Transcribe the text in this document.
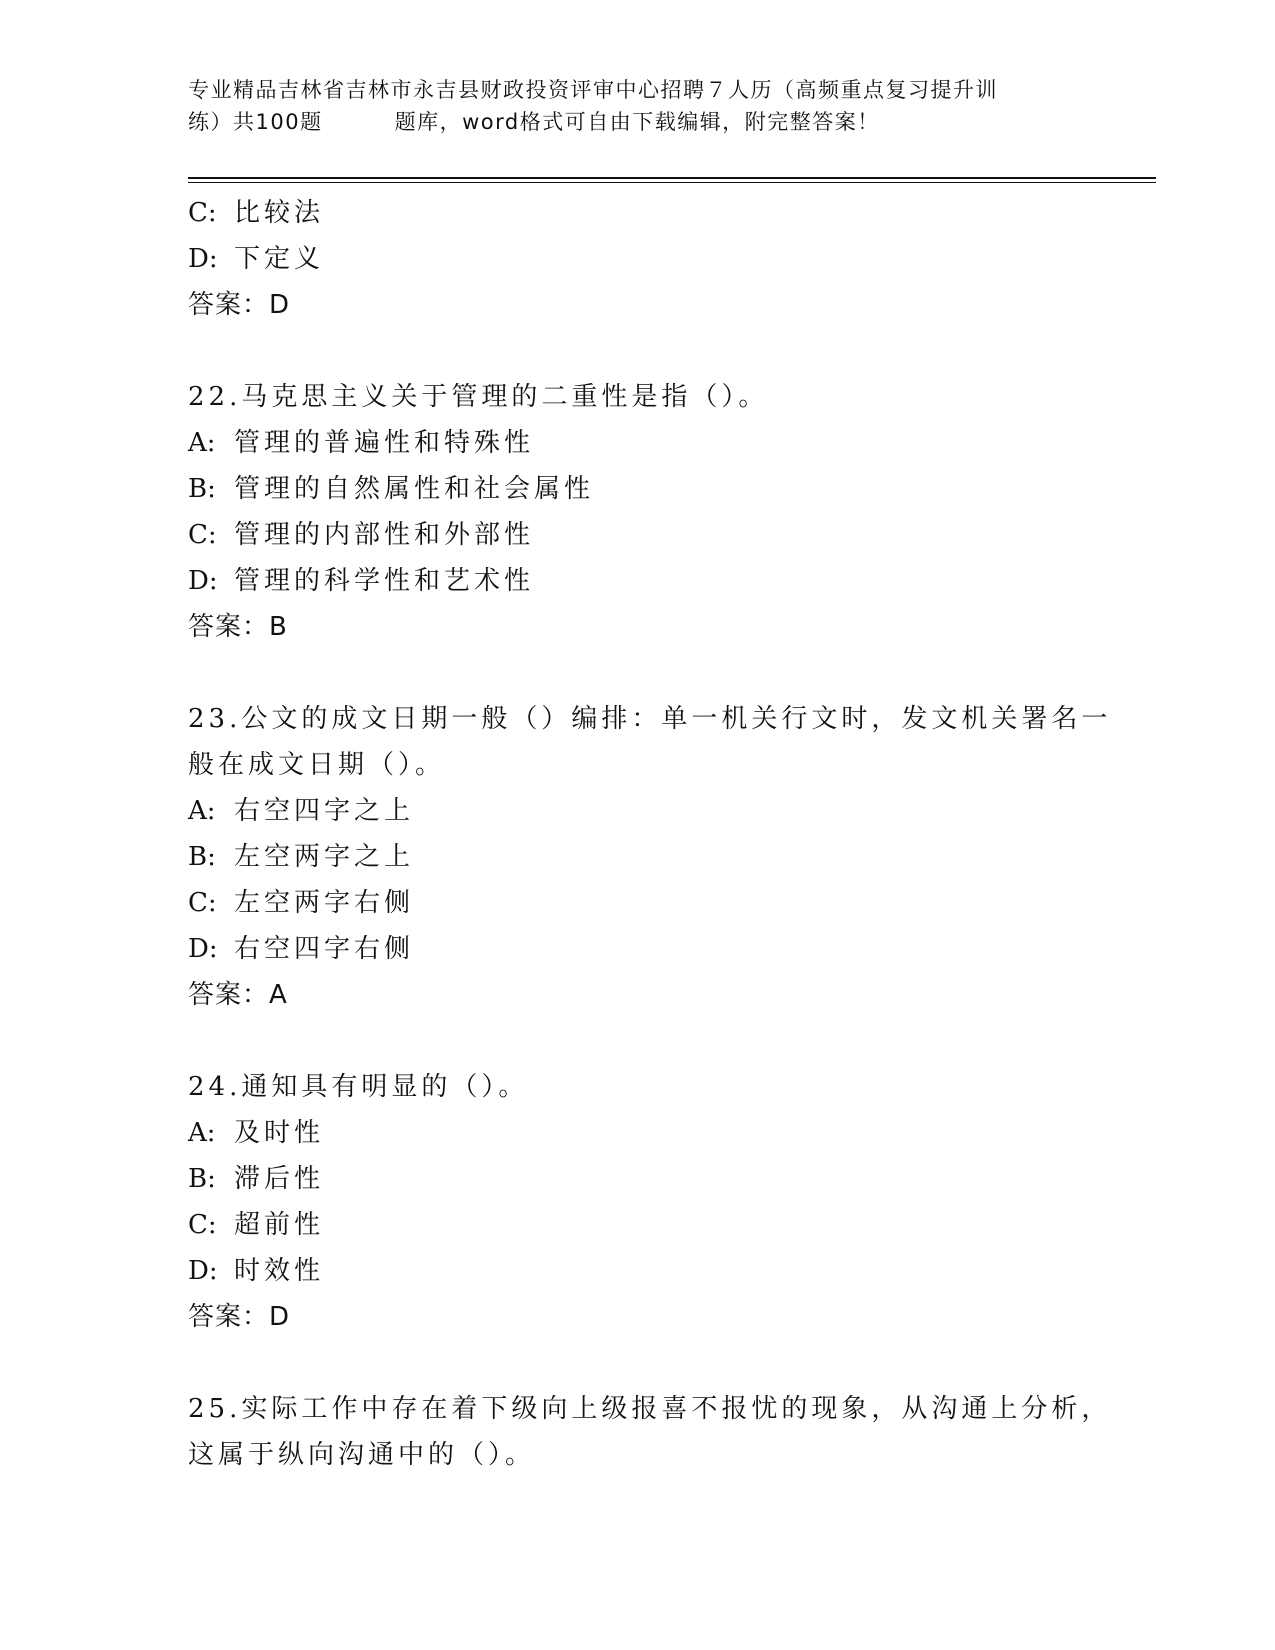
专业精品吉林省吉林市永吉县财政投资评审中心招聘７人历（高频重点复习提升训
练）共100题	题库，word格式可自由下载编辑，附完整答案！
C: 比较法
D: 下定义
答案：D
22.马克思主义关于管理的二重性是指（）。
A: 管理的普遍性和特殊性
B: 管理的自然属性和社会属性
C: 管理的内部性和外部性
D: 管理的科学性和艺术性
答案：B
23.公文的成文日期一般（）编排：单一机关行文时，发文机关署名一
般在成文日期（）。
A: 右空四字之上
B: 左空两字之上
C: 左空两字右侧
D: 右空四字右侧
答案：A
24.通知具有明显的（）。
A: 及时性
B: 滞后性
C: 超前性
D: 时效性
答案：D
25.实际工作中存在着下级向上级报喜不报忧的现象，从沟通上分析，
这属于纵向沟通中的（）。
